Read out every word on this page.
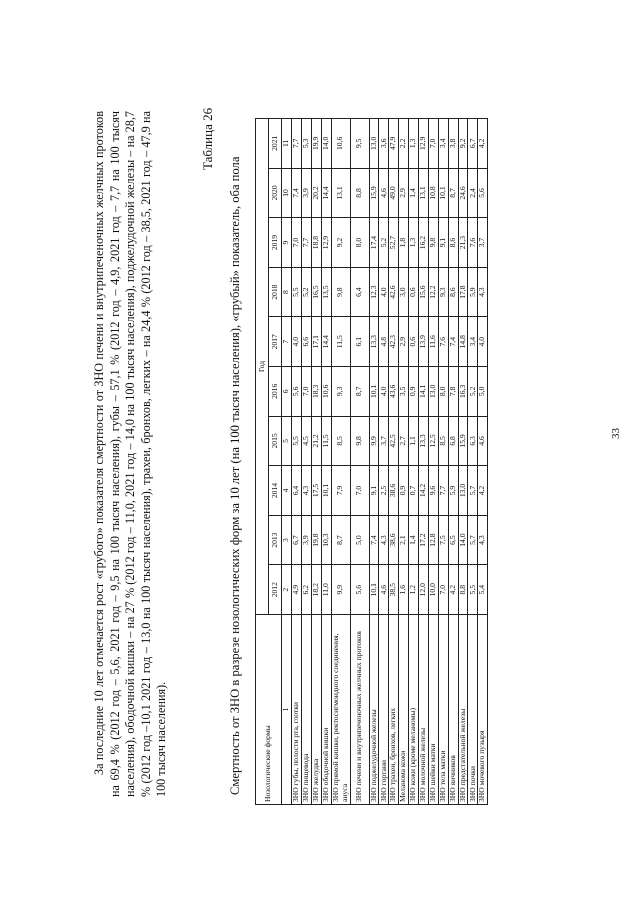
33

За последние 10 лет отмечается рост «грубого» показателя смертности от ЗНО печени и внутрипеченочных желчных протоков на 69,4 % (2012 год – 5,6, 2021 год – 9,5 на 100 тысяч населения), губы – 57,1 % (2012 год – 4,9, 2021 год – 7,7 на 100 тысяч населения), ободочной кишки – на 27 % (2012 год – 11,0, 2021 год – 14,0 на 100 тысяч населения), поджелудочной железы – на 28,7 % (2012 год –10,1 2021 год – 13,0 на 100 тысяч населения), трахеи, бронхов, легких – на 24,4 % (2012 год – 38,5, 2021 год – 47,9 на 100 тысяч населения).

Таблица 26
Смертность от ЗНО в разрезе нозологических форм за 10 лет (на 100 тысяч населения), «грубый» показатель, оба пола	Нозологические формы	Год									
	2012	2013	2014	2015	2016	2017	2018	2019	2020	2021
1	2	3	4	5	6	7	8	9	10	11
ЗНО губы, полости рта, глотки	4,9	6,7	6,4	5,5	5,6	4,0	5,5	7,0	7,4	7,7
ЗНО пищевода	6,2	3,9	4,3	4,5	7,0	6,6	5,2	7,7	3,9	5,3
ЗНО желудка	18,2	19,8	17,5	21,2	18,3	17,1	16,5	18,8	20,2	19,9
ЗНО ободочной кишки	11,0	10,3	10,1	11,5	10,6	14,4	13,5	12,9	14,4	14,0
ЗНО прямой кишки, ректосигмоидного соединения, ануса	9,9	8,7	7,9	8,5	9,3	11,5	9,8	9,2	13,1	10,6
ЗНО печени и внутрипеченочных желчных протоков	5,6	5,0	7,0	9,8	8,7	6,1	6,4	8,0	8,8	9,5
ЗНО поджелудочной железы	10,1	7,4	9,1	9,9	10,1	13,3	12,3	17,4	15,9	13,0
ЗНО гортани	4,6	4,3	2,5	3,7	4,0	4,8	4,0	5,2	4,6	3,6
ЗНО трахеи, бронхов, легких	38,5	38,6	38,6	42,5	43,6	42,3	42,6	52,7	49,0	47,9
Меланома кожи	1,6	2,1	0,9	2,7	3,5	2,9	3,0	1,8	2,9	2,2
ЗНО кожи (кроме меланомы)	1,2	1,4	0,7	1,1	0,9	0,6	0,6	1,3	1,4	1,3
ЗНО молочной железы	12,0	17,2	14,2	13,3	14,1	13,9	15,6	16,2	13,1	12,9
ЗНО шейки матки	10,0	12,8	9,6	12,5	13,0	11,6	12,2	9,8	10,8	7,0
ЗНО тела матки	7,0	7,5	7,7	8,5	8,0	7,6	9,3	9,1	10,1	3,4
ЗНО яичников	4,2	6,5	5,9	6,8	7,8	7,4	8,6	8,6	8,7	3,8
ЗНО предстательной железы	8,8	14,0	13,0	15,9	16,3	14,8	17,8	21,3	24,6	9,2
ЗНО почки	5,5	5,7	5,7	6,3	5,2	3,4	5,9	7,6	2,4	6,7
ЗНО мочевого пузыря	5,4	4,3	4,2	4,6	5,0	4,0	4,3	3,7	5,6	4,2
